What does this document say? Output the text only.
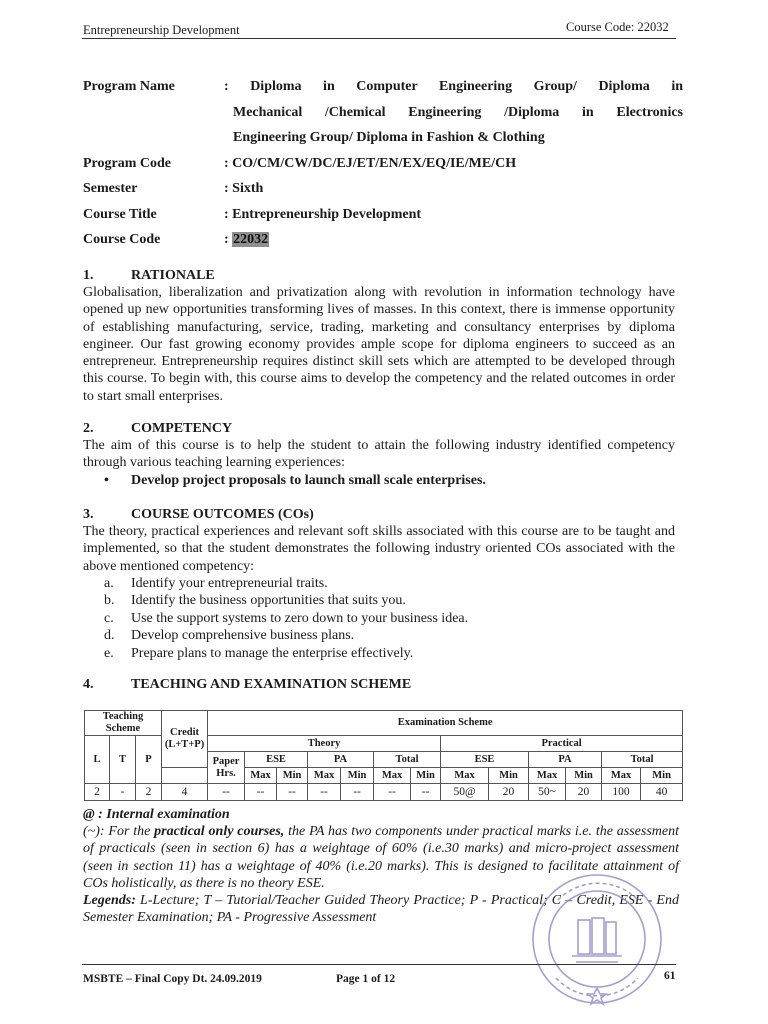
Entrepreneurship Development	Course Code: 22032
Program Name	: Diploma in Computer Engineering Group/ Diploma in
Mechanical /Chemical Engineering /Diploma in Electronics
Engineering Group/ Diploma in Fashion & Clothing
Program Code	: CO/CM/CW/DC/EJ/ET/EN/EX/EQ/IE/ME/CH
Semester	: Sixth
Course Title	: Entrepreneurship Development
Course Code	: 22032
1.	RATIONALE
Globalisation, liberalization and privatization along with revolution in information technology have opened up new opportunities transforming lives of masses. In this context, there is immense opportunity of establishing manufacturing, service, trading, marketing and consultancy enterprises by diploma engineer. Our fast growing economy provides ample scope for diploma engineers to succeed as an entrepreneur. Entrepreneurship requires distinct skill sets which are attempted to be developed through this course. To begin with, this course aims to develop the competency and the related outcomes in order to start small enterprises.
2.	COMPETENCY
The aim of this course is to help the student to attain the following industry identified competency through various teaching learning experiences:
• Develop project proposals to launch small scale enterprises.
3.	COURSE OUTCOMES (COs)
The theory, practical experiences and relevant soft skills associated with this course are to be taught and implemented, so that the student demonstrates the following industry oriented COs associated with the above mentioned competency:
a.	Identify your entrepreneurial traits.
b.	Identify the business opportunities that suits you.
c.	Use the support systems to zero down to your business idea.
d.	Develop comprehensive business plans.
e.	Prepare plans to manage the enterprise effectively.
4.	TEACHING AND EXAMINATION SCHEME
Teaching Scheme			Credit (L+T+P)	Examination Scheme												
L	T	P		Theory							Practical					
				Paper Hrs.	ESE		PA		Total		ESE		PA		Total	
					Max	Min	Max	Min	Max	Min	Max	Min	Max	Min	Max	Min
2	-	2	4	--	--	--	--	--	--	--	50@	20	50~	20	100	40
@ : Internal examination
(~): For the practical only courses, the PA has two components under practical marks i.e. the assessment of practicals (seen in section 6) has a weightage of 60% (i.e.30 marks) and micro-project assessment (seen in section 11) has a weightage of 40% (i.e.20 marks). This is designed to facilitate attainment of COs holistically, as there is no theory ESE.
Legends: L-Lecture; T – Tutorial/Teacher Guided Theory Practice; P - Practical; C – Credit, ESE - End Semester Examination; PA - Progressive Assessment
MSBTE – Final Copy Dt. 24.09.2019	Page 1 of 12	61
